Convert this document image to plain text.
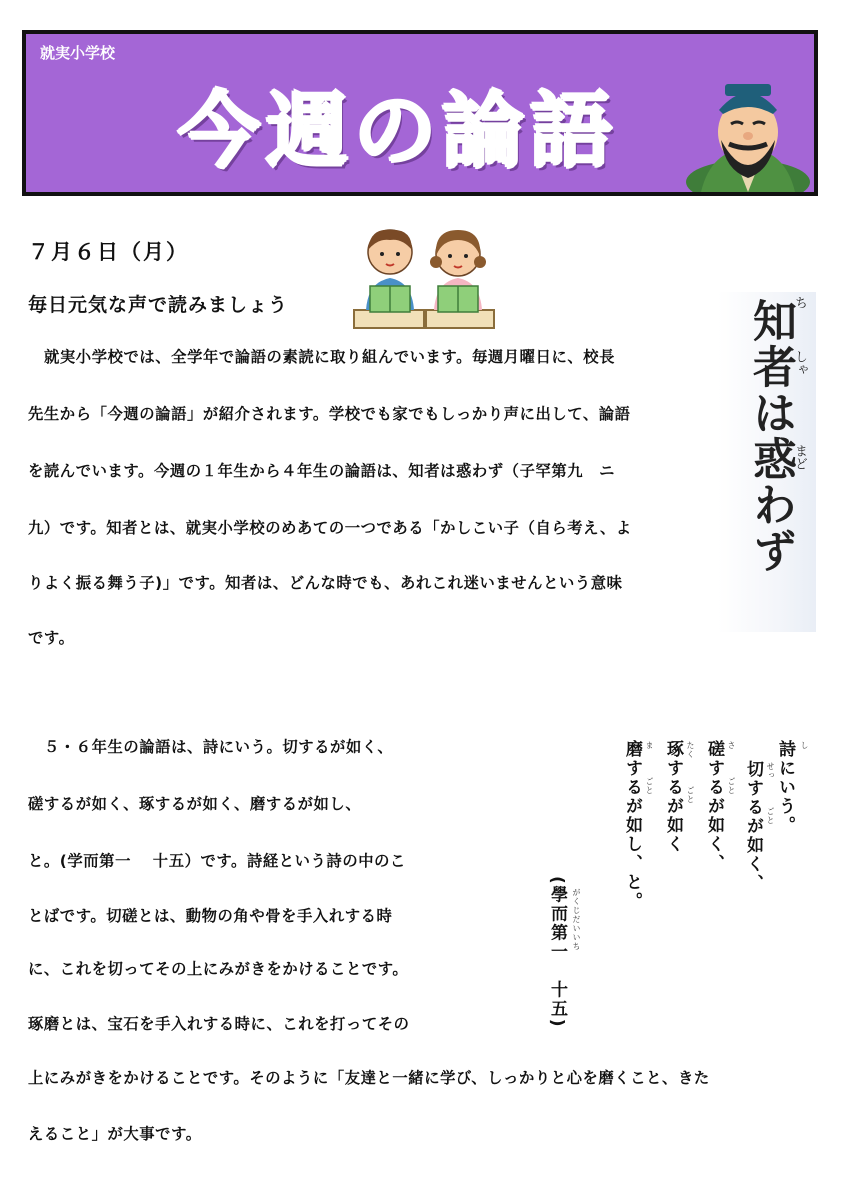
就実小学校
今週の論語
７月６日（月）
毎日元気な声で読みましょう
就実小学校では、全学年で論語の素読に取り組んでいます。毎週月曜日に、校長
先生から「今週の論語」が紹介されます。学校でも家でもしっかり声に出して、論語
を読んでいます。今週の１年生から４年生の論語は、知者は惑わず（子罕第九　ニ
九）です。知者とは、就実小学校のめあての一つである「かしこい子（自ら考え、よ
りよく振る舞う子)」です。知者は、どんな時でも、あれこれ迷いませんという意味
です。
知者は惑わず
ち
しゃ
まど
　５・６年生の論語は、詩にいう。切するが如く、
磋するが如く、琢するが如く、磨するが如し、
と。(学而第一　 十五）です。詩経という詩の中のこ
とばです。切磋とは、動物の角や骨を手入れする時
に、これを切ってその上にみがきをかけることです。
琢磨とは、宝石を手入れする時に、これを打ってその
上にみがきをかけることです。そのように「友達と一緒に学び、しっかりと心を磨くこと、きた
えること」が大事です。
詩にいう。
切するが如く、
磋するが如く、
琢するが如く
磨するが如し、と。	し
せっ　　　ごと
さ　　　ごと
たく　　　ごと
ま　　　ごと
(學而第一　十五) がくじだいいち
